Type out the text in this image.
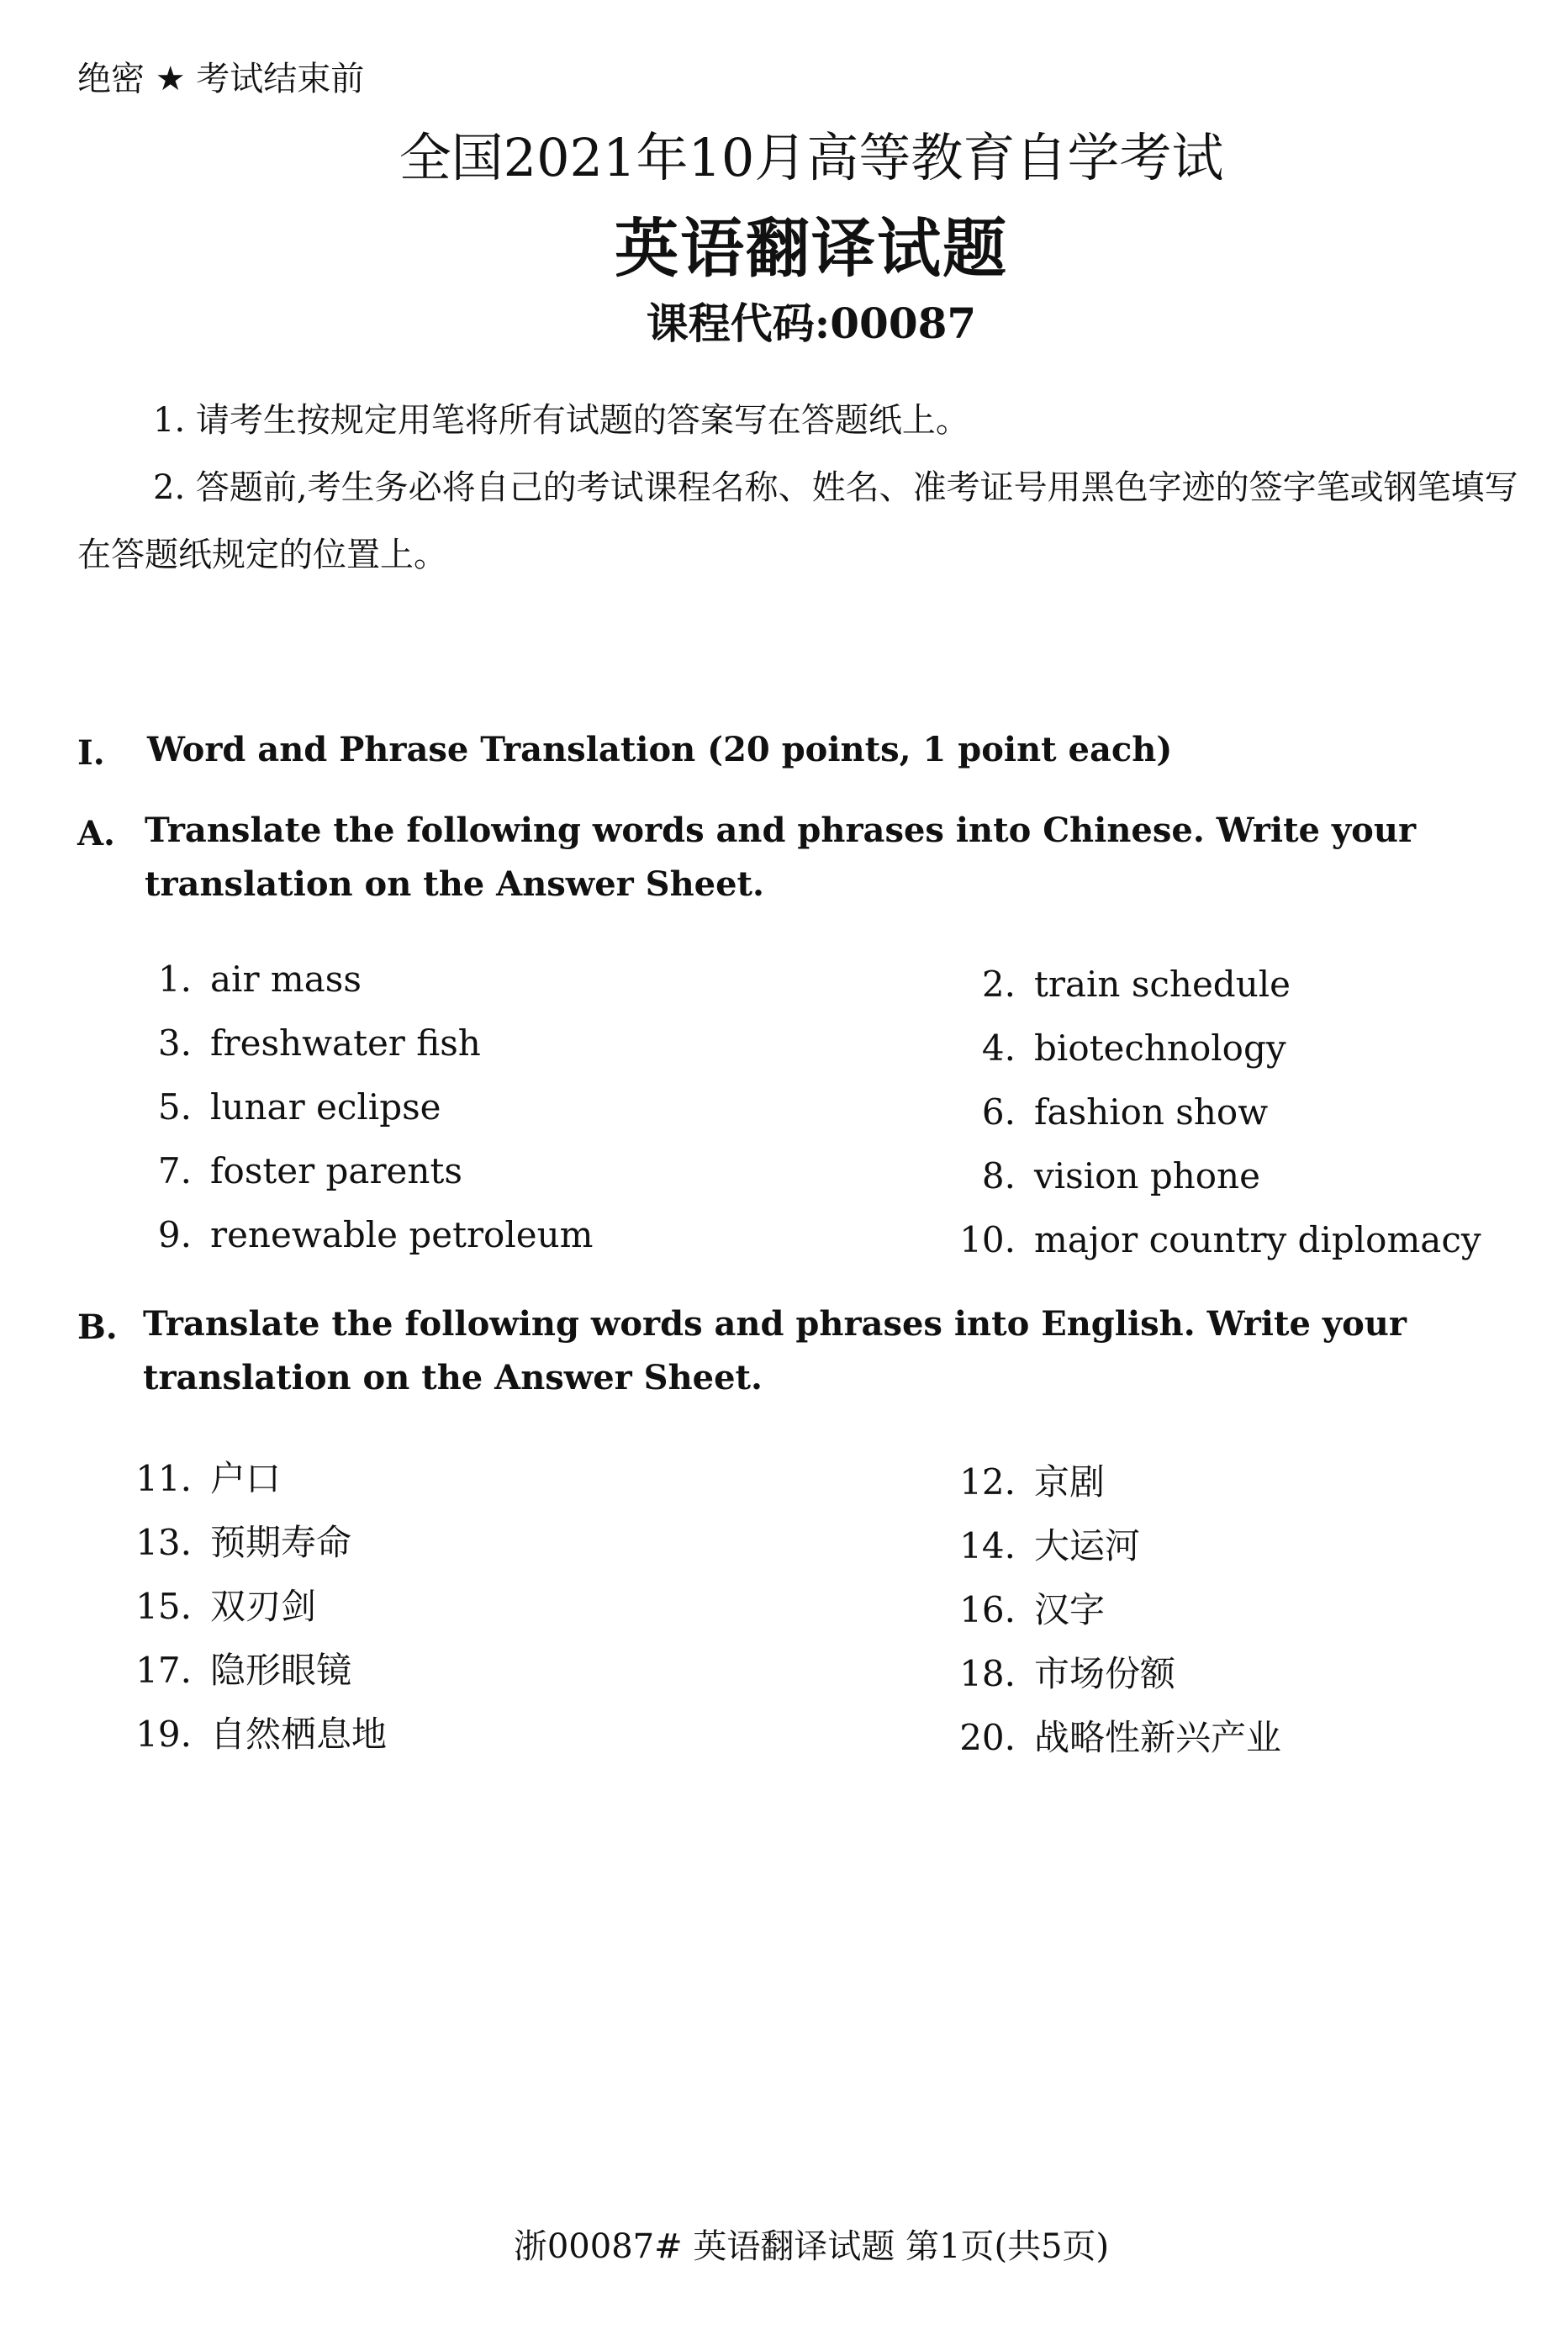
绝密 ★ 考试结束前
全国2021年10月高等教育自学考试
英语翻译试题
课程代码:00087

1. 请考生按规定用笔将所有试题的答案写在答题纸上。

2. 答题前,考生务必将自己的考试课程名称、姓名、准考证号用黑色字迹的签字笔或钢笔填写在答题纸规定的位置上。

I. Word and Phrase Translation (20 points, 1 point each)
A. Translate the following words and phrases into Chinese. Write your translation on the Answer Sheet.
1. air mass	2. train schedule
3. freshwater fish	4. biotechnology
5. lunar eclipse	6. fashion show
7. foster parents	8. vision phone
9. renewable petroleum	10. major country diplomacy
B. Translate the following words and phrases into English. Write your translation on the Answer Sheet.
11. 户口	12. 京剧
13. 预期寿命	14. 大运河
15. 双刃剑	16. 汉字
17. 隐形眼镜	18. 市场份额
19. 自然栖息地	20. 战略性新兴产业
浙00087# 英语翻译试题 第1页(共5页)
